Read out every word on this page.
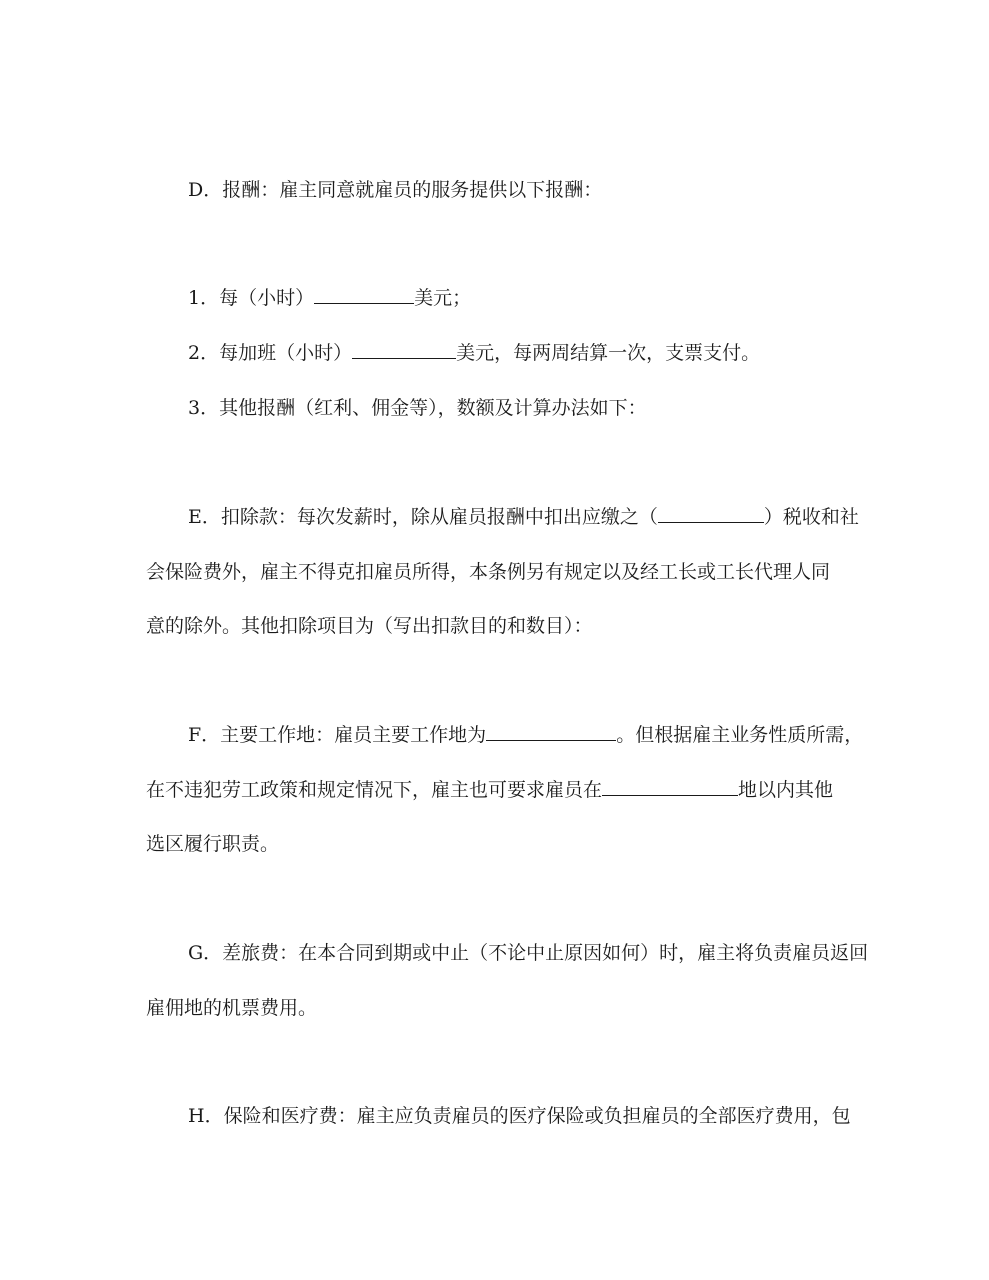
D．报酬：雇主同意就雇员的服务提供以下报酬：
1．每（小时）	美元；
2．每加班（小时）	美元，每两周结算一次，支票支付。
3．其他报酬（红利、佣金等），数额及计算办法如下：
E．扣除款：每次发薪时，除从雇员报酬中扣出应缴之（	）税收和社
会保险费外，雇主不得克扣雇员所得，本条例另有规定以及经工长或工长代理人同
意的除外。其他扣除项目为（写出扣款目的和数目）：
F．主要工作地：雇员主要工作地为	。但根据雇主业务性质所需，
在不违犯劳工政策和规定情况下，雇主也可要求雇员在	地以内其他
选区履行职责。
G．差旅费：在本合同到期或中止（不论中止原因如何）时，雇主将负责雇员返回
雇佣地的机票费用。
H．保险和医疗费：雇主应负责雇员的医疗保险或负担雇员的全部医疗费用，包
